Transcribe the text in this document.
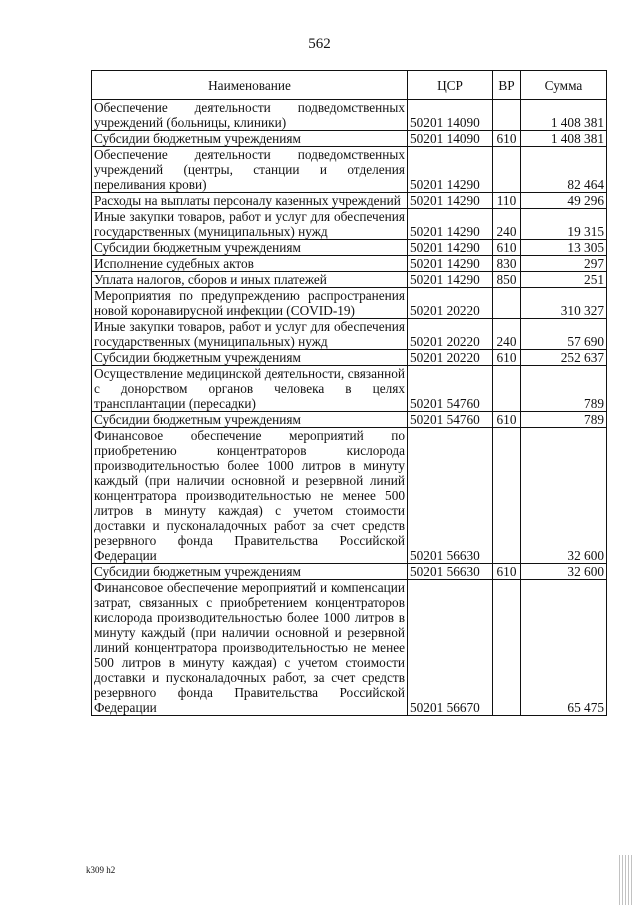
562
Наименование	ЦСР	ВР	Сумма
Обеспечение деятельности подведомственных учреждений (больницы, клиники)	50201 14090		1 408 381
Субсидии бюджетным учреждениям	50201 14090	610	1 408 381
Обеспечение деятельности подведомственных учреждений (центры, станции и отделения переливания крови)	50201 14290		82 464
Расходы на выплаты персоналу казенных учреждений	50201 14290	110	49 296
Иные закупки товаров, работ и услуг для обеспечения государственных (муниципальных) нужд	50201 14290	240	19 315
Субсидии бюджетным учреждениям	50201 14290	610	13 305
Исполнение судебных актов	50201 14290	830	297
Уплата налогов, сборов и иных платежей	50201 14290	850	251
Мероприятия по предупреждению распространения новой коронавирусной инфекции (COVID-19)	50201 20220		310 327
Иные закупки товаров, работ и услуг для обеспечения государственных (муниципальных) нужд	50201 20220	240	57 690
Субсидии бюджетным учреждениям	50201 20220	610	252 637
Осуществление медицинской деятельности, связанной с донорством органов человека в целях трансплантации (пересадки)	50201 54760		789
Субсидии бюджетным учреждениям	50201 54760	610	789
Финансовое обеспечение мероприятий по приобретению концентраторов кислорода производительностью более 1000 литров в минуту каждый (при наличии основной и резервной линий концентратора производительностью не менее 500 литров в минуту каждая) с учетом стоимости доставки и пусконаладочных работ за счет средств резервного фонда Правительства Российской Федерации	50201 56630		32 600
Субсидии бюджетным учреждениям	50201 56630	610	32 600
Финансовое обеспечение мероприятий и компенсации затрат, связанных с приобретением концентраторов кислорода производительностью более 1000 литров в минуту каждый (при наличии основной и резервной линий концентратора производительностью не менее 500 литров в минуту каждая) с учетом стоимости доставки и пусконаладочных работ, за счет средств резервного фонда Правительства Российской Федерации	50201 56670		65 475
k309 h2
